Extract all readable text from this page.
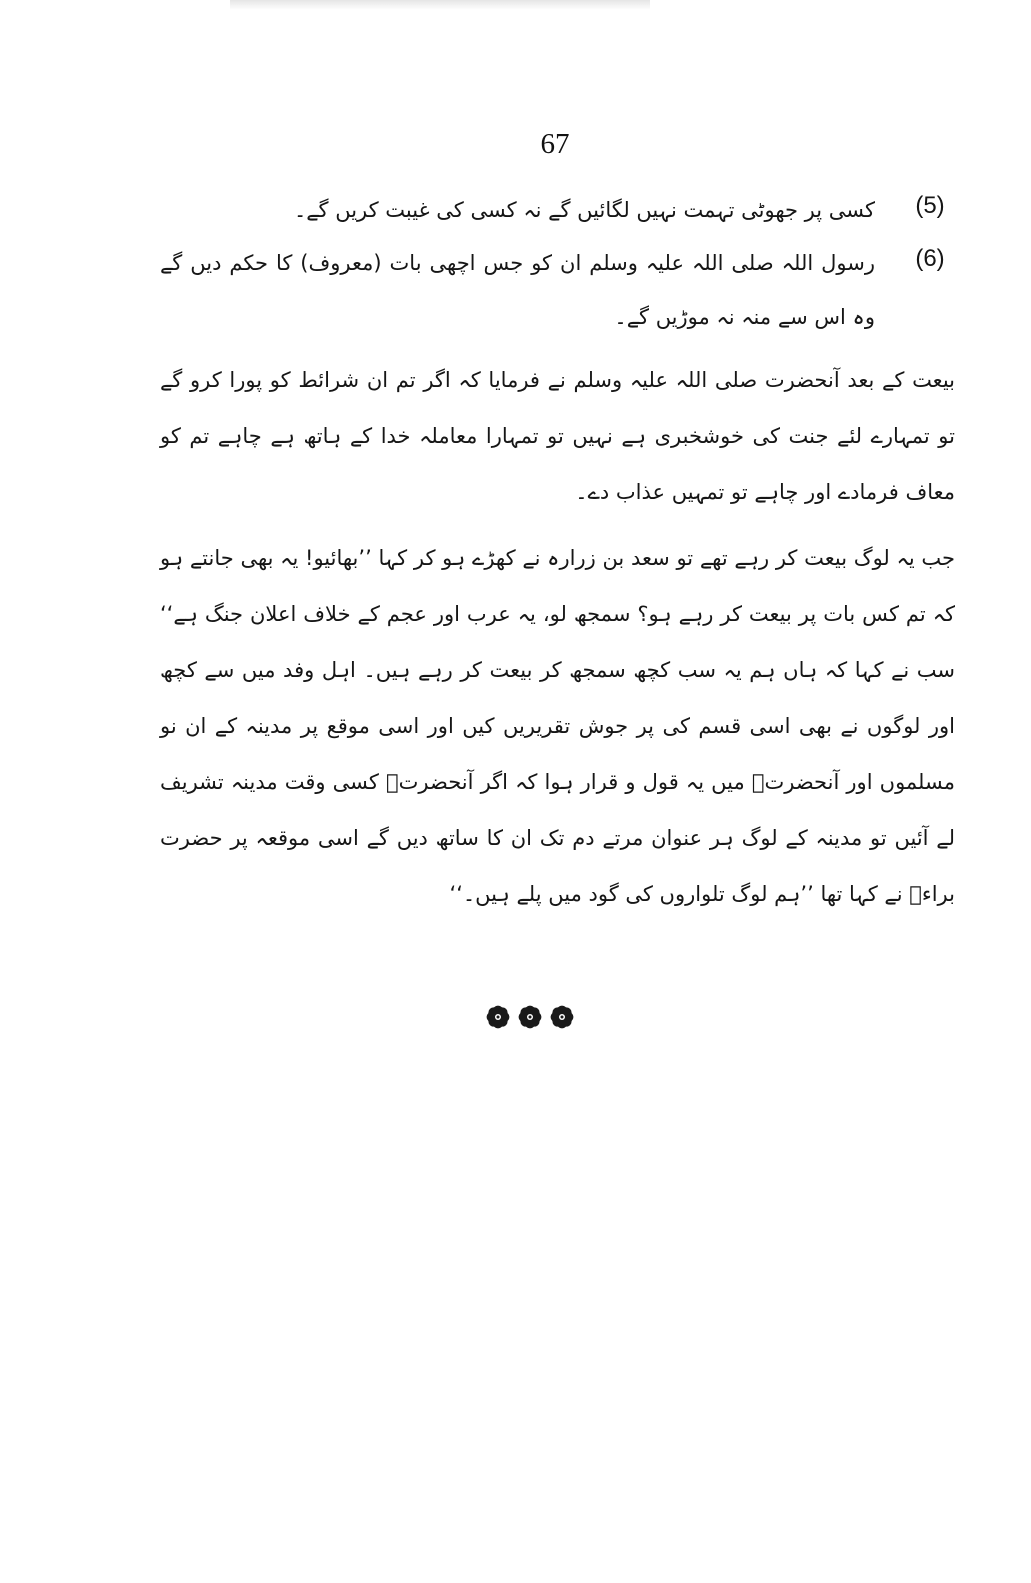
67
(5)
کسی پر جھوٹی تہمت نہیں لگائیں گے نہ کسی کی غیبت کریں گے۔
(6)
رسول اللہ صلی اللہ علیہ وسلم ان کو جس اچھی بات (معروف) کا حکم دیں گے وہ اس سے منہ نہ موڑیں گے۔
بیعت کے بعد آنحضرت صلی اللہ علیہ وسلم نے فرمایا کہ اگر تم ان شرائط کو پورا کرو گے تو تمہارے لئے جنت کی خوشخبری ہے نہیں تو تمہارا معاملہ خدا کے ہاتھ ہے چاہے تم کو معاف فرمادے اور چاہے تو تمہیں عذاب دے۔
جب یہ لوگ بیعت کر رہے تھے تو سعد بن زرارہ نے کھڑے ہو کر کہا ’’بھائیو! یہ بھی جانتے ہو کہ تم کس بات پر بیعت کر رہے ہو؟ سمجھ لو، یہ عرب اور عجم کے خلاف اعلان جنگ ہے‘‘ سب نے کہا کہ ہاں ہم یہ سب کچھ سمجھ کر بیعت کر رہے ہیں۔ اہل وفد میں سے کچھ اور لوگوں نے بھی اسی قسم کی پر جوش تقریریں کیں اور اسی موقع پر مدینہ کے ان نو مسلموں اور آنحضرتؐ میں یہ قول و قرار ہوا کہ اگر آنحضرتؐ کسی وقت مدینہ تشریف لے آئیں تو مدینہ کے لوگ ہر عنوان مرتے دم تک ان کا ساتھ دیں گے اسی موقعہ پر حضرت براءؓ نے کہا تھا ’’ہم لوگ تلواروں کی گود میں پلے ہیں۔‘‘
